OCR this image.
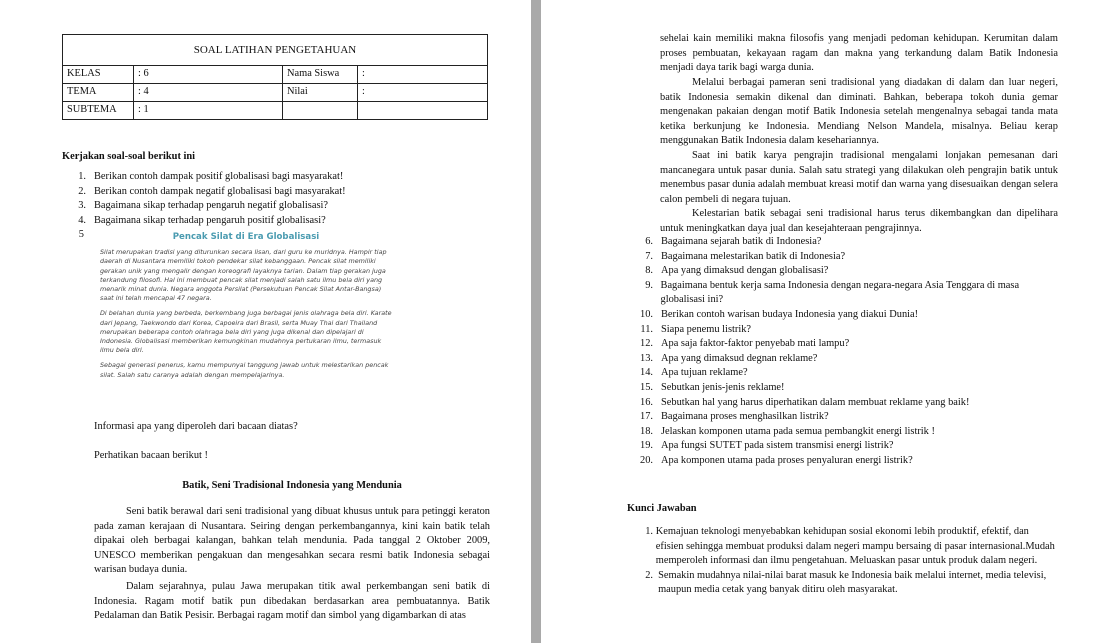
SOAL LATIHAN PENGETAHUAN			
KELAS	: 6	Nama Siswa	:
TEMA	: 4	Nilai	:
SUBTEMA	: 1		
Kerjakan soal-soal berikut ini
1. Berikan contoh dampak positif globalisasi bagi masyarakat!
2. Berikan contoh dampak negatif globalisasi bagi masyarakat!
3. Bagaimana sikap terhadap pengaruh negatif globalisasi?
4. Bagaimana sikap terhadap pengaruh positif globalisasi?
5	Pencak Silat di Era Globalisasi

Silat merupakan tradisi yang diturunkan secara lisan, dari guru ke muridnya. Hampir tiap daerah di Nusantara memiliki tokoh pendekar silat kebanggaan. Pencak silat memiliki gerakan unik yang mengalir dengan koreografi layaknya tarian. Dalam tiap gerakan juga terkandung filosofi. Hal ini membuat pencak silat menjadi salah satu ilmu bela diri yang menarik minat dunia. Negara anggota Persilat (Persekutuan Pencak Silat Antar-Bangsa) saat ini telah mencapai 47 negara.

Di belahan dunia yang berbeda, berkembang juga berbagai jenis olahraga bela diri. Karate dari Jepang, Taekwondo dari Korea, Capoeira dari Brasil, serta Muay Thai dari Thailand merupakan beberapa contoh olahraga bela diri yang juga dikenal dan dipelajari di Indonesia. Globalisasi memberikan kemungkinan mudahnya pertukaran ilmu, termasuk ilmu bela diri.

Sebagai generasi penerus, kamu mempunyai tanggung jawab untuk melestarikan pencak silat. Salah satu caranya adalah dengan mempelajarinya.

Informasi apa yang diperoleh dari bacaan diatas?
Perhatikan bacaan berikut !
Batik, Seni Tradisional Indonesia yang Mendunia

Seni batik berawal dari seni tradisional yang dibuat khusus untuk para petinggi keraton pada zaman kerajaan di Nusantara. Seiring dengan perkembangannya, kini kain batik telah dipakai oleh berbagai kalangan, bahkan telah mendunia. Pada tanggal 2 Oktober 2009, UNESCO memberikan pengakuan dan mengesahkan secara resmi batik Indonesia sebagai warisan budaya dunia.

Dalam sejarahnya, pulau Jawa merupakan titik awal perkembangan seni batik di Indonesia. Ragam motif batik pun dibedakan berdasarkan area pembuatannya. Batik Pedalaman dan Batik Pesisir. Berbagai ragam motif dan simbol yang digambarkan di atas

sehelai kain memiliki makna filosofis yang menjadi pedoman kehidupan. Kerumitan dalam proses pembuatan, kekayaan ragam dan makna yang terkandung dalam Batik Indonesia menjadi daya tarik bagi warga dunia.

Melalui berbagai pameran seni tradisional yang diadakan di dalam dan luar negeri, batik Indonesia semakin dikenal dan diminati. Bahkan, beberapa tokoh dunia gemar mengenakan pakaian dengan motif Batik Indonesia setelah mengenalnya sebagai tanda mata ketika berkunjung ke Indonesia. Mendiang Nelson Mandela, misalnya. Beliau kerap menggunakan Batik Indonesia dalam kesehariannya.

Saat ini batik karya pengrajin tradisional mengalami lonjakan pemesanan dari mancanegara untuk pasar dunia. Salah satu strategi yang dilakukan oleh pengrajin batik untuk menembus pasar dunia adalah membuat kreasi motif dan warna yang disesuaikan dengan selera calon pembeli di negara tujuan.

Kelestarian batik sebagai seni tradisional harus terus dikembangkan dan dipelihara untuk meningkatkan daya jual dan kesejahteraan pengrajinnya.

6. Bagaimana sejarah batik di Indonesia?
7. Bagaimana melestarikan batik di Indonesia?
8. Apa yang dimaksud dengan globalisasi?
9. Bagaimana bentuk kerja sama Indonesia dengan negara-negara Asia Tenggara di masa globalisasi ini?
10. Berikan contoh warisan budaya Indonesia yang diakui Dunia!
11. Siapa penemu listrik?
12. Apa saja faktor-faktor penyebab mati lampu?
13. Apa yang dimaksud degnan reklame?
14. Apa tujuan reklame?
15. Sebutkan jenis-jenis reklame!
16. Sebutkan hal yang harus diperhatikan dalam membuat reklame yang baik!
17. Bagaimana proses menghasilkan listrik?
18. Jelaskan komponen utama pada semua pembangkit energi listrik !
19. Apa fungsi SUTET pada sistem transmisi energi listrik?
20. Apa komponen utama pada proses penyaluran energi listrik?
Kunci Jawaban
1. Kemajuan teknologi menyebabkan kehidupan sosial ekonomi lebih produktif, efektif, dan efisien sehingga membuat produksi dalam negeri mampu bersaing di pasar internasional.Mudah memperoleh informasi dan ilmu pengetahuan. Meluaskan pasar untuk produk dalam negeri.
2. Semakin mudahnya nilai-nilai barat masuk ke Indonesia baik melalui internet, media televisi, maupun media cetak yang banyak ditiru oleh masyarakat.
